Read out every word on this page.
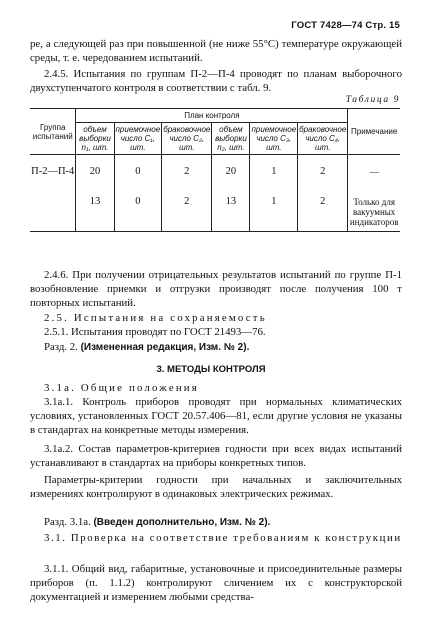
ГОСТ 7428—74 Стр. 15
ре, а следующей раз при повышенной (не ниже 55°С) температуре окружающей среды, т. е. чередованием испытаний.
2.4.5. Испытания по группам П-2—П-4 проводят по планам выборочного двухступенчатого контроля в соответствии с табл. 9.
Таблица 9
Группа испытаний	План контроля						Примечание
	объем выборки n₁, шт.	приемочное число C₁, шт.	браковочное число C₂, шт.	объем выборки n₂, шт.	приемочное число C₃, шт.	браковочное число C₄, шт.	
П-2—П-4	20	0	2	20	1	2	—
	13	0	2	13	1	2	Только для вакуумных индикаторов
2.4.6. При получении отрицательных результатов испытаний по группе П-1 возобновление приемки и отгрузки производят после получения 100 т повторных испытаний.
2.5. Испытания на сохраняемость
2.5.1. Испытания проводят по ГОСТ 21493—76.
Разд. 2. (Измененная редакция, Изм. № 2).
3. МЕТОДЫ КОНТРОЛЯ
3.1а. Общие положения
3.1а.1. Контроль приборов проводят при нормальных климатических условиях, установленных ГОСТ 20.57.406—81, если другие условия не указаны в стандартах на конкретные методы измерения.
3.1а.2. Состав параметров-критериев годности при всех видах испытаний устанавливают в стандартах на приборы конкретных типов.
Параметры-критерии годности при начальных и заключительных измерениях контролируют в одинаковых электрических режимах.
Разд. 3.1а. (Введен дополнительно, Изм. № 2).
3.1. Проверка на соответствие требованиям к конструкции
3.1.1. Общий вид, габаритные, установочные и присоединительные размеры приборов (п. 1.1.2) контролируют сличением их с конструкторской документацией и измерением любыми средства-
